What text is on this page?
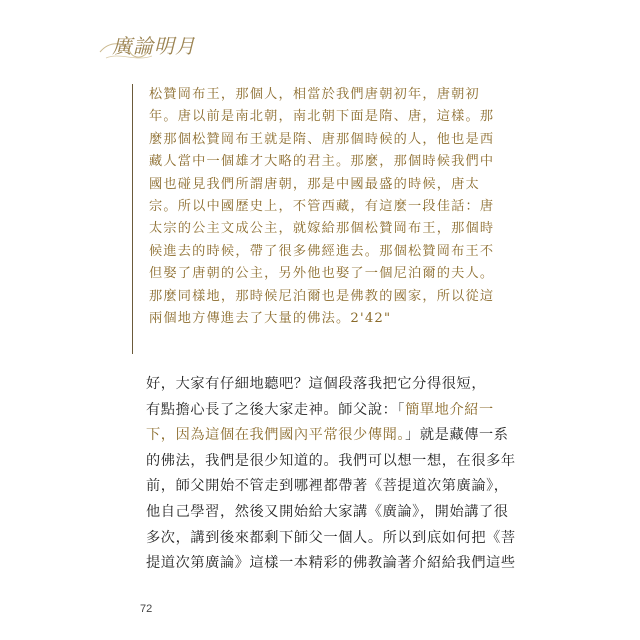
廣論明月
松贊岡布王，那個人，相當於我們唐朝初年，唐朝初
年。唐以前是南北朝，南北朝下面是隋、唐，這樣。那
麼那個松贊岡布王就是隋、唐那個時候的人，他也是西
藏人當中一個雄才大略的君主。那麼，那個時候我們中
國也碰見我們所謂唐朝，那是中國最盛的時候，唐太
宗。所以中國歷史上，不管西藏，有這麼一段佳話：唐
太宗的公主文成公主，就嫁給那個松贊岡布王，那個時
候進去的時候，帶了很多佛經進去。那個松贊岡布王不
但娶了唐朝的公主，另外他也娶了一個尼泊爾的夫人。
那麼同樣地，那時候尼泊爾也是佛教的國家，所以從這
兩個地方傳進去了大量的佛法。2'42"
好，大家有仔細地聽吧？這個段落我把它分得很短，
有點擔心長了之後大家走神。師父說：「簡單地介紹一
下，因為這個在我們國內平常很少傳聞。」就是藏傳一系
的佛法，我們是很少知道的。我們可以想一想，在很多年
前，師父開始不管走到哪裡都帶著《菩提道次第廣論》，
他自己學習，然後又開始給大家講《廣論》，開始講了很
多次，講到後來都剩下師父一個人。所以到底如何把《菩
提道次第廣論》這樣一本精彩的佛教論著介紹給我們這些
72
